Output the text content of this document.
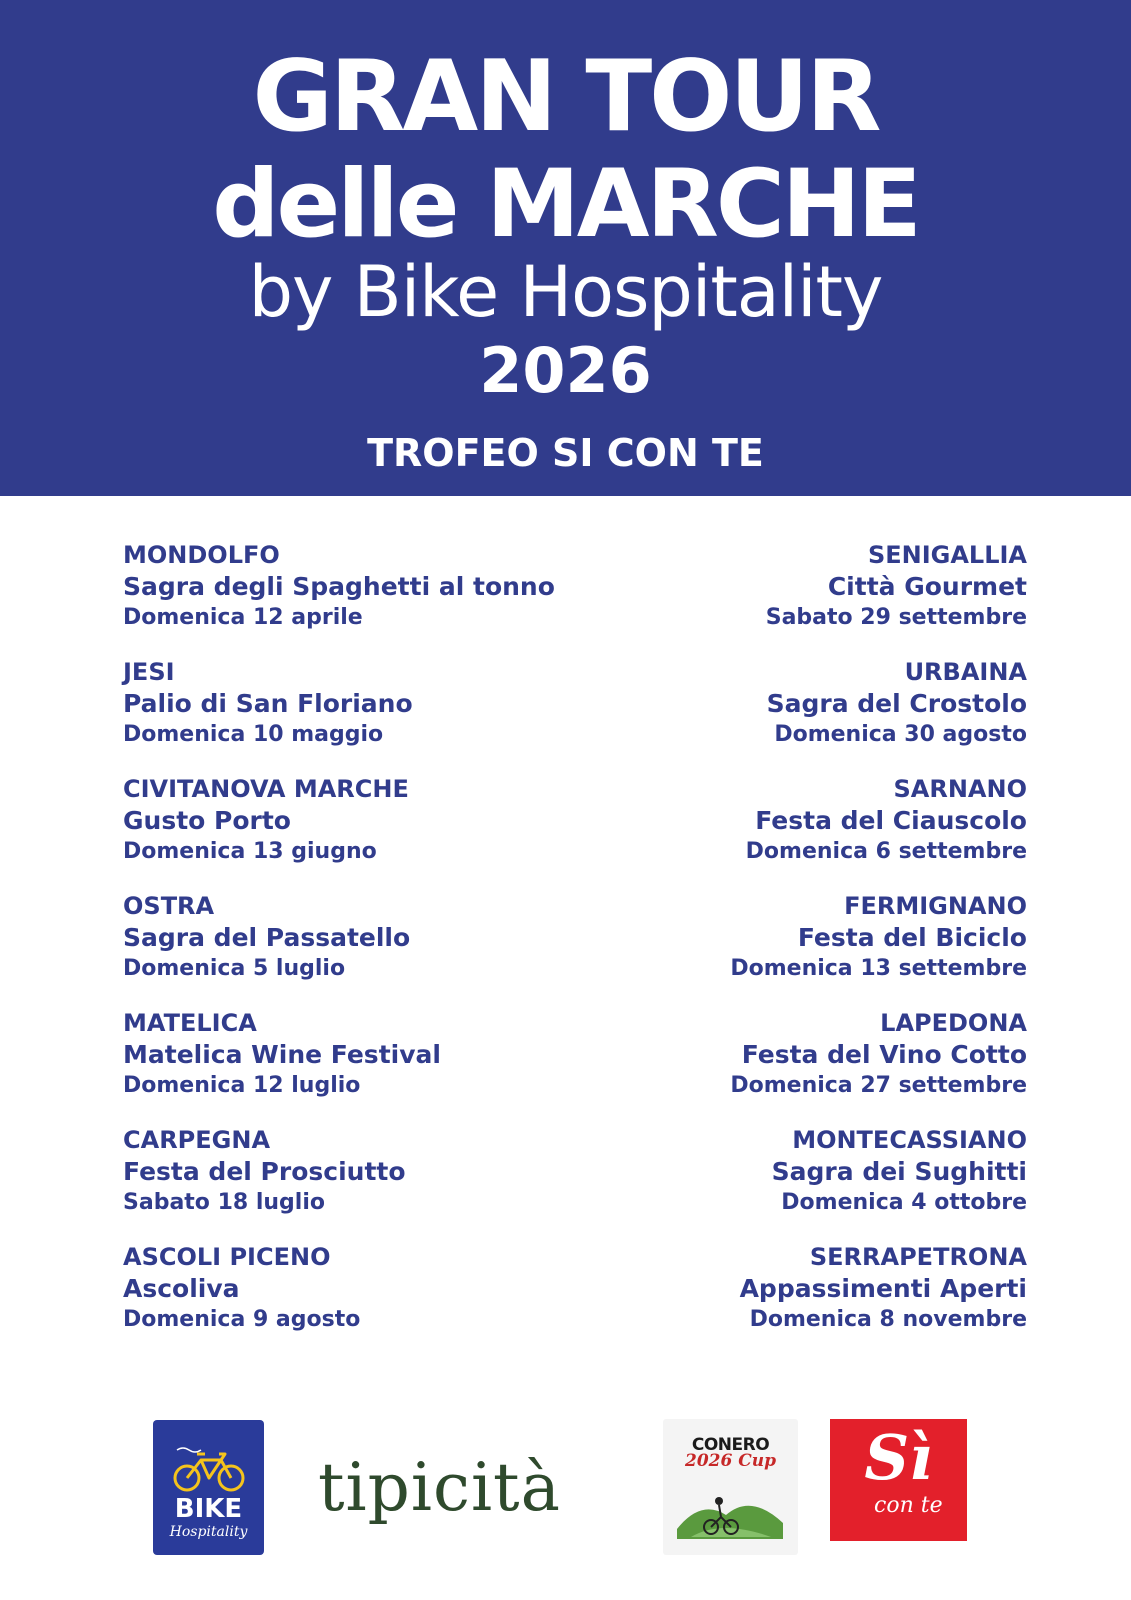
GRAN TOUR
delle MARCHE
by Bike Hospitality
2026
TROFEO SI CON TE
MONDOLFO
Sagra degli Spaghetti al tonno
Domenica 12 aprile
JESI
Palio di San Floriano
Domenica 10 maggio
CIVITANOVA MARCHE
Gusto Porto
Domenica 13 giugno
OSTRA
Sagra del Passatello
Domenica 5 luglio
MATELICA
Matelica Wine Festival
Domenica 12 luglio
CARPEGNA
Festa del Prosciutto
Sabato 18 luglio
ASCOLI PICENO
Ascoliva
Domenica 9 agosto
SENIGALLIA
Città Gourmet
Sabato 29 settembre
URBAINA
Sagra del Crostolo
Domenica 30 agosto
SARNANO
Festa del Ciauscolo
Domenica 6 settembre
FERMIGNANO
Festa del Biciclo
Domenica 13 settembre
LAPEDONA
Festa del Vino Cotto
Domenica 27 settembre
MONTECASSIANO
Sagra dei Sughitti
Domenica 4 ottobre
SERRAPETRONA
Appassimenti Aperti
Domenica 8 novembre
BIKE
Hospitality
tipicità
CONERO
2026 Cup	Sì
con te
